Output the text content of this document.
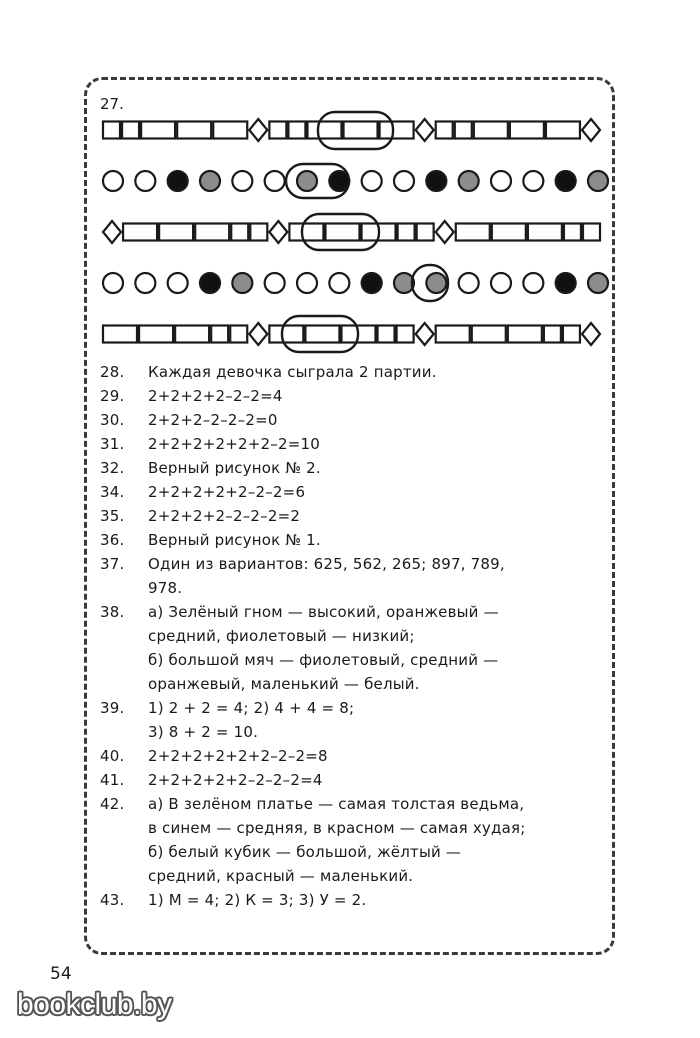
27.
28.	Каждая девочка сыграла 2 партии.
29.	2+2+2+2–2–2=4
30.	2+2+2–2–2–2=0
31.	2+2+2+2+2+2–2=10
32.	Верный рисунок № 2.
34.	2+2+2+2+2–2–2=6
35.	2+2+2+2–2–2–2=2
36.	Верный рисунок № 1.
37.	Один из вариантов: 625, 562, 265; 897, 789,
978.
38.	а) Зелёный гном — высокий, оранжевый —
средний, фиолетовый — низкий;
б) большой мяч — фиолетовый, средний —
оранжевый, маленький — белый.
39.	1) 2 + 2 = 4; 2) 4 + 4 = 8;
3) 8 + 2 = 10.
40.	2+2+2+2+2+2–2–2=8
41.	2+2+2+2+2–2–2–2=4
42.	а) В зелёном платье — самая толстая ведьма,
в синем — средняя, в красном — самая худая;
б) белый кубик — большой, жёлтый —
средний, красный — маленький.
43.	1) М = 4; 2) К = 3; 3) У = 2.
54
bookclub.by
